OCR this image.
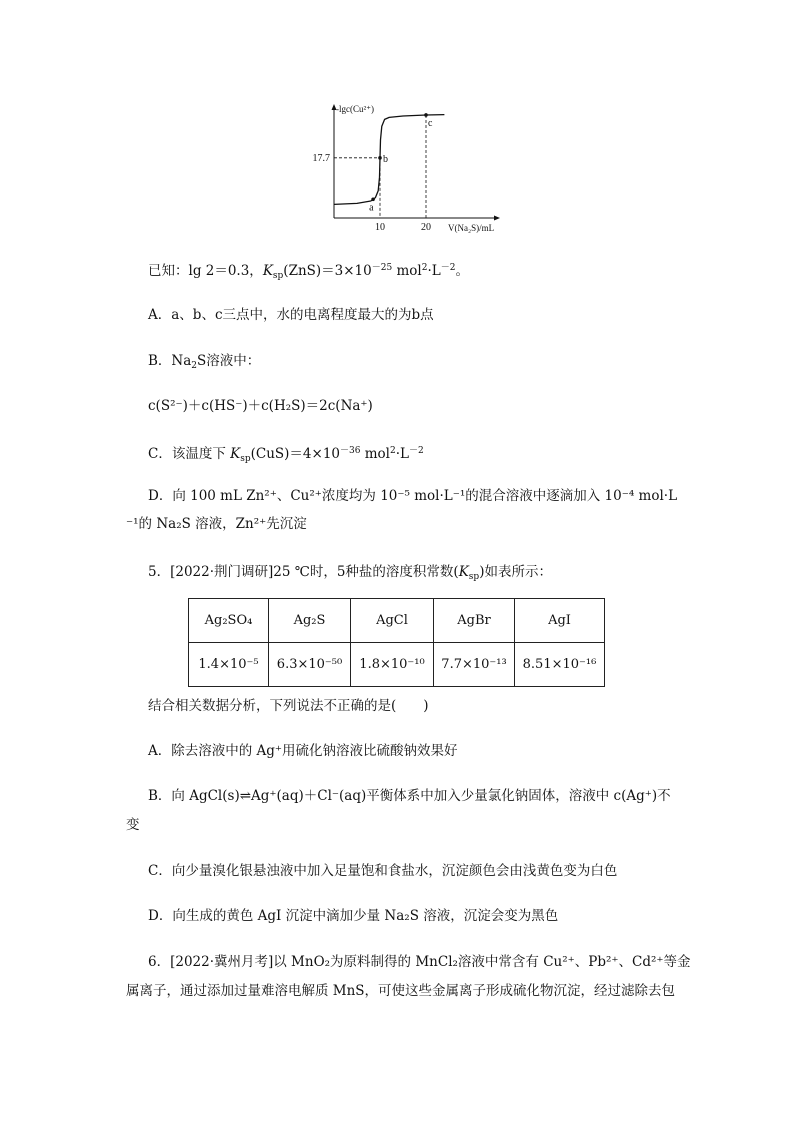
-lgc(Cu²⁺)
V(Na₂S)/mL
10	20
17.7
a
b
c
已知：lg 2＝0.3，$K_{sp}(ZnS)=3\times 10^{-25}$ $mol^2\cdot L^{-2}$。
A．a、b、c三点中，水的电离程度最大的为b点
B．$Na_2S$溶液中：
c(S²⁻)＋c(HS⁻)＋c(H₂S)＝2c(Na⁺)
C．该温度下 $K_{sp}(CuS)=4\times 10^{-36}$ $mol^2\cdot L^{-2}$
D．向 100 mL Zn²⁺、Cu²⁺浓度均为 10⁻⁵ mol·L⁻¹的混合溶液中逐滴加入 10⁻⁴ mol·L
⁻¹的 Na₂S 溶液，Zn²⁺先沉淀
5．[2022·荆门调研]25 ℃时，5种盐的溶度积常数$(K_{sp})$如表所示：
Ag₂SO₄	Ag₂S	AgCl	AgBr	AgI
1.4×10⁻⁵	6.3×10⁻⁵⁰	1.8×10⁻¹⁰	7.7×10⁻¹³	8.51×10⁻¹⁶
结合相关数据分析，下列说法不正确的是(　　)
A．除去溶液中的 Ag⁺用硫化钠溶液比硫酸钠效果好
B．向 AgCl(s)⇌Ag⁺(aq)＋Cl⁻(aq)平衡体系中加入少量氯化钠固体，溶液中 c(Ag⁺)不
变
C．向少量溴化银悬浊液中加入足量饱和食盐水，沉淀颜色会由浅黄色变为白色
D．向生成的黄色 AgI 沉淀中滴加少量 Na₂S 溶液，沉淀会变为黑色
6．[2022·冀州月考]以 MnO₂为原料制得的 MnCl₂溶液中常含有 Cu²⁺、Pb²⁺、Cd²⁺等金
属离子，通过添加过量难溶电解质 MnS，可使这些金属离子形成硫化物沉淀，经过滤除去包
